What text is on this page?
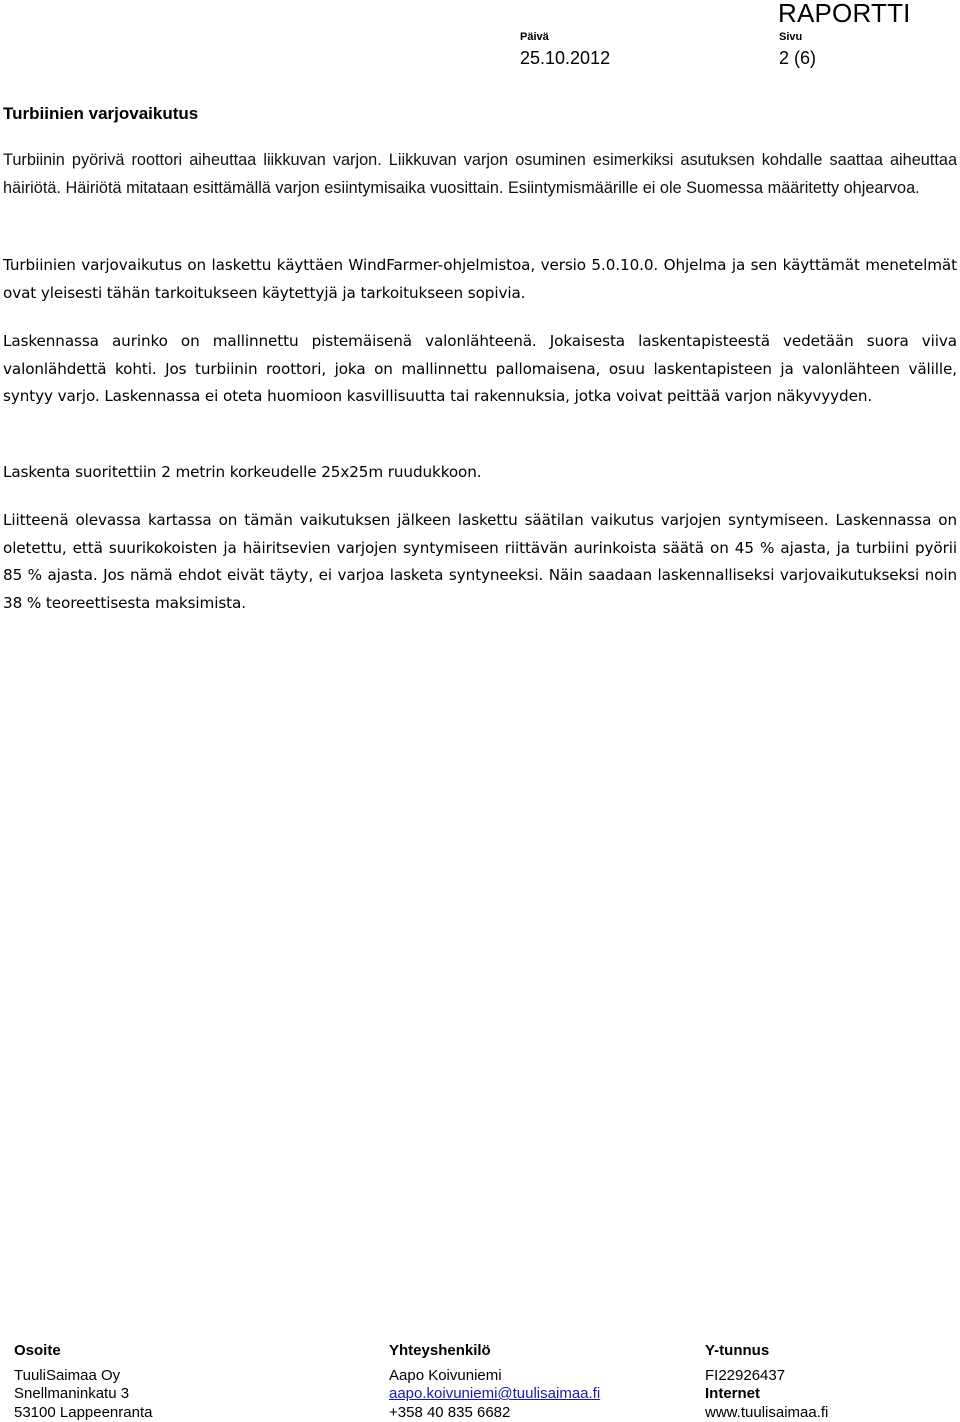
RAPORTTI
Päivä
25.10.2012
Sivu
2 (6)
Turbiinien varjovaikutus

Turbiinin pyörivä roottori aiheuttaa liikkuvan varjon. Liikkuvan varjon osuminen esimerkiksi asutuksen kohdalle saattaa aiheuttaa häiriötä. Häiriötä mitataan esittämällä varjon esiintymisaika vuosittain. Esiintymismäärille ei ole Suomessa määritetty ohjearvoa.

Turbiinien varjovaikutus on laskettu käyttäen WindFarmer-ohjelmistoa, versio 5.0.10.0. Ohjelma ja sen käyttämät menetelmät ovat yleisesti tähän tarkoitukseen käytettyjä ja tarkoitukseen sopivia.

Laskennassa aurinko on mallinnettu pistemäisenä valonlähteenä. Jokaisesta laskentapisteestä vedetään suora viiva valonlähdettä kohti. Jos turbiinin roottori, joka on mallinnettu pallomaisena, osuu laskentapisteen ja valonlähteen välille, syntyy varjo. Laskennassa ei oteta huomioon kasvillisuutta tai rakennuksia, jotka voivat peittää varjon näkyvyyden.

Laskenta suoritettiin 2 metrin korkeudelle 25x25m ruudukkoon.

Liitteenä olevassa kartassa on tämän vaikutuksen jälkeen laskettu säätilan vaikutus varjojen syntymiseen. Laskennassa on oletettu, että suurikokoisten ja häiritsevien varjojen syntymiseen riittävän aurinkoista säätä on 45 % ajasta, ja turbiini pyörii 85 % ajasta. Jos nämä ehdot eivät täyty, ei varjoa lasketa syntyneeksi. Näin saadaan laskennalliseksi varjovaikutukseksi noin 38 % teoreettisesta maksimista.

Osoite
TuuliSaimaa Oy
Snellmaninkatu 3
53100 Lappeenranta
Yhteyshenkilö
Aapo Koivuniemi
aapo.koivuniemi@tuulisaimaa.fi
+358 40 835 6682
Y-tunnus
FI22926437
Internet
www.tuulisaimaa.fi
